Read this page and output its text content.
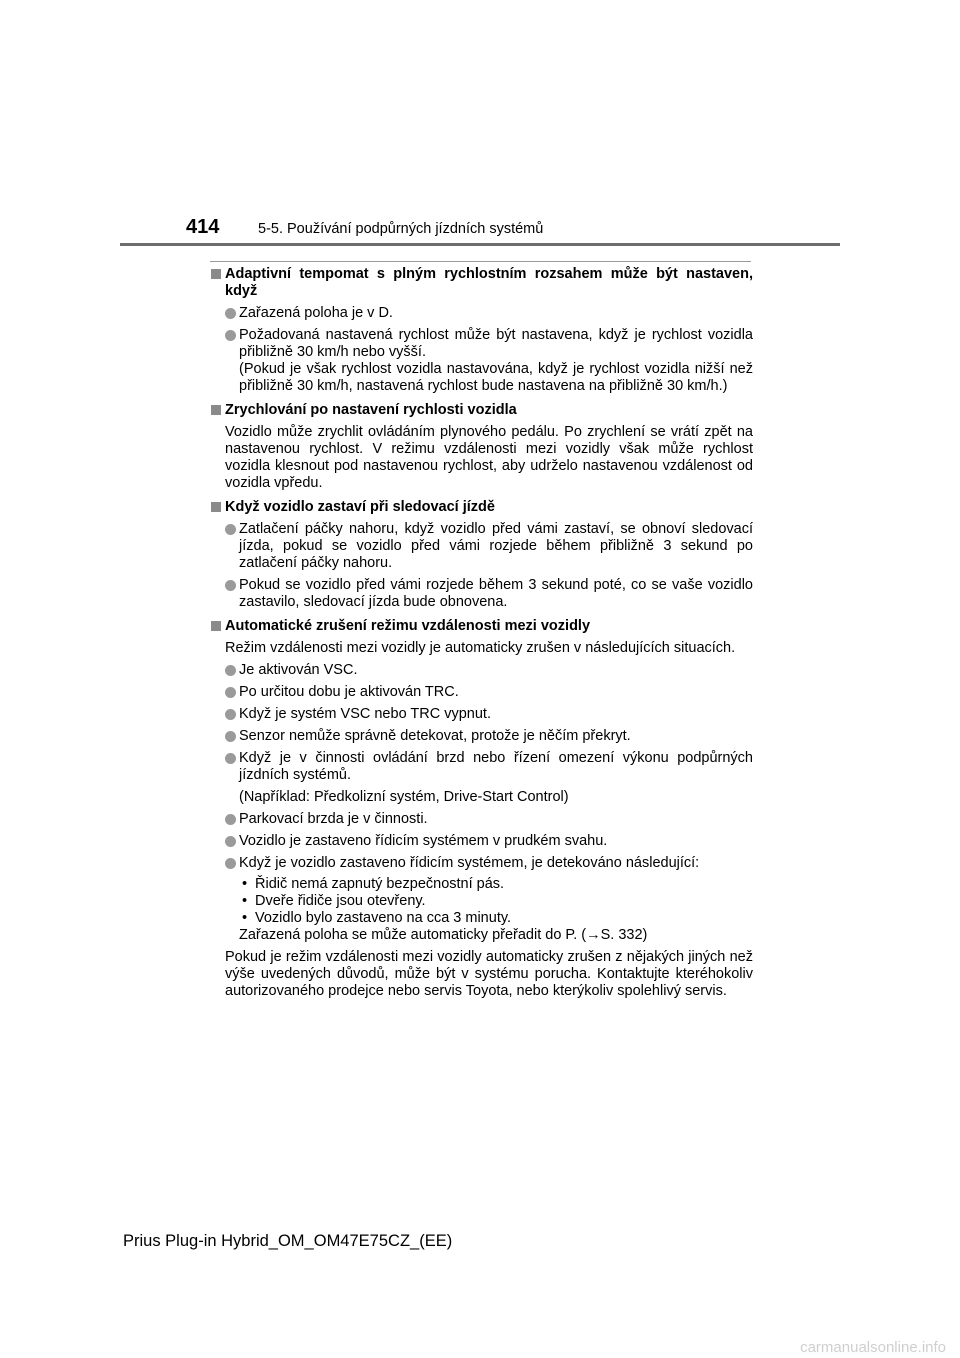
414	5-5. Používání podpůrných jízdních systémů
Adaptivní tempomat s plným rychlostním rozsahem může být nastaven, když
Zařazená poloha je v D.
Požadovaná nastavená rychlost může být nastavena, když je rychlost vozidla přibližně 30 km/h nebo vyšší.
(Pokud je však rychlost vozidla nastavována, když je rychlost vozidla nižší než přibližně 30 km/h, nastavená rychlost bude nastavena na přibližně 30 km/h.)
Zrychlování po nastavení rychlosti vozidla
Vozidlo může zrychlit ovládáním plynového pedálu. Po zrychlení se vrátí zpět na nastavenou rychlost. V režimu vzdálenosti mezi vozidly však může rychlost vozidla klesnout pod nastavenou rychlost, aby udrželo nastavenou vzdálenost od vozidla vpředu.
Když vozidlo zastaví při sledovací jízdě
Zatlačení páčky nahoru, když vozidlo před vámi zastaví, se obnoví sledovací jízda, pokud se vozidlo před vámi rozjede během přibližně 3 sekund po zatlačení páčky nahoru.
Pokud se vozidlo před vámi rozjede během 3 sekund poté, co se vaše vozidlo zastavilo, sledovací jízda bude obnovena.
Automatické zrušení režimu vzdálenosti mezi vozidly
Režim vzdálenosti mezi vozidly je automaticky zrušen v následujících situacích.
Je aktivován VSC.
Po určitou dobu je aktivován TRC.
Když je systém VSC nebo TRC vypnut.
Senzor nemůže správně detekovat, protože je něčím překryt.
Když je v činnosti ovládání brzd nebo řízení omezení výkonu podpůrných jízdních systémů.
(Například: Předkolizní systém, Drive-Start Control)
Parkovací brzda je v činnosti.
Vozidlo je zastaveno řídicím systémem v prudkém svahu.
Když je vozidlo zastaveno řídicím systémem, je detekováno následující:
• Řidič nemá zapnutý bezpečnostní pás.
• Dveře řidiče jsou otevřeny.
• Vozidlo bylo zastaveno na cca 3 minuty.
Zařazená poloha se může automaticky přeřadit do P. (→S. 332)
Pokud je režim vzdálenosti mezi vozidly automaticky zrušen z nějakých jiných než výše uvedených důvodů, může být v systému porucha. Kontaktujte kteréhokoliv autorizovaného prodejce nebo servis Toyota, nebo kterýkoliv spolehlivý servis.
Prius Plug-in Hybrid_OM_OM47E75CZ_(EE)
carmanualsonline.info
